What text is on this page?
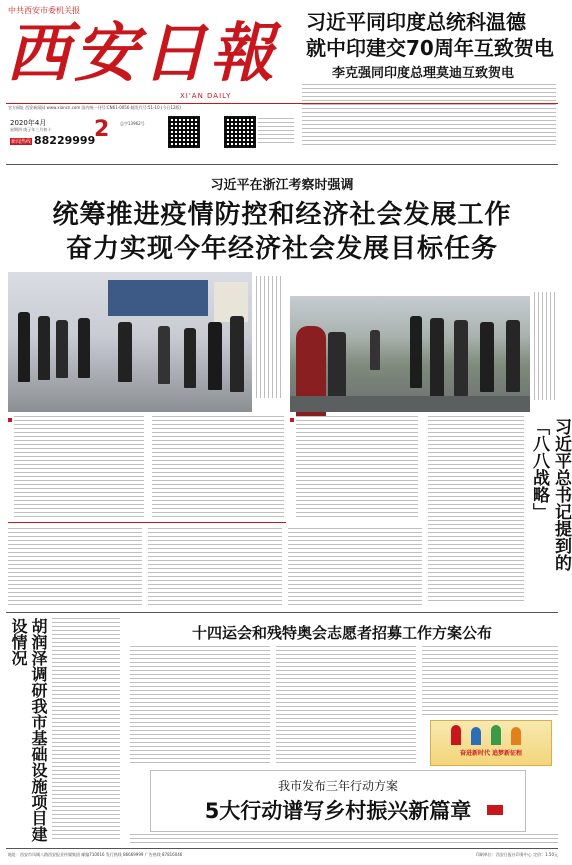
中共西安市委机关报
西安日報
XI'AN DAILY
官方网址 西安新闻网 www.xiancn.com 国内统一刊号:CN61-0056 邮发代号:51-10 (今日12版)
2020年4月
星期四 庚子年三月初十
新闻热线 88229999
2	总字13962号
习近平同印度总统科温德
就中印建交70周年互致贺电
李克强同印度总理莫迪互致贺电
习近平在浙江考察时强调
统筹推进疫情防控和经济社会发展工作
奋力实现今年经济社会发展目标任务
习近平总书记提到的「八八战略」
胡润泽调研我市基础设施项目建设情况	十四运会和残特奥会志愿者招募工作方案公布
奋进新时代 追梦新征程
我市发布三年行动方案
5大行动谱写乡村振兴新篇章
地址：西安市凤城八路西安报业传媒集团 邮编710016 发行热线 86669999 广告热线 87816046	印刷单位：西安日报社印务中心 定价：1.50元
